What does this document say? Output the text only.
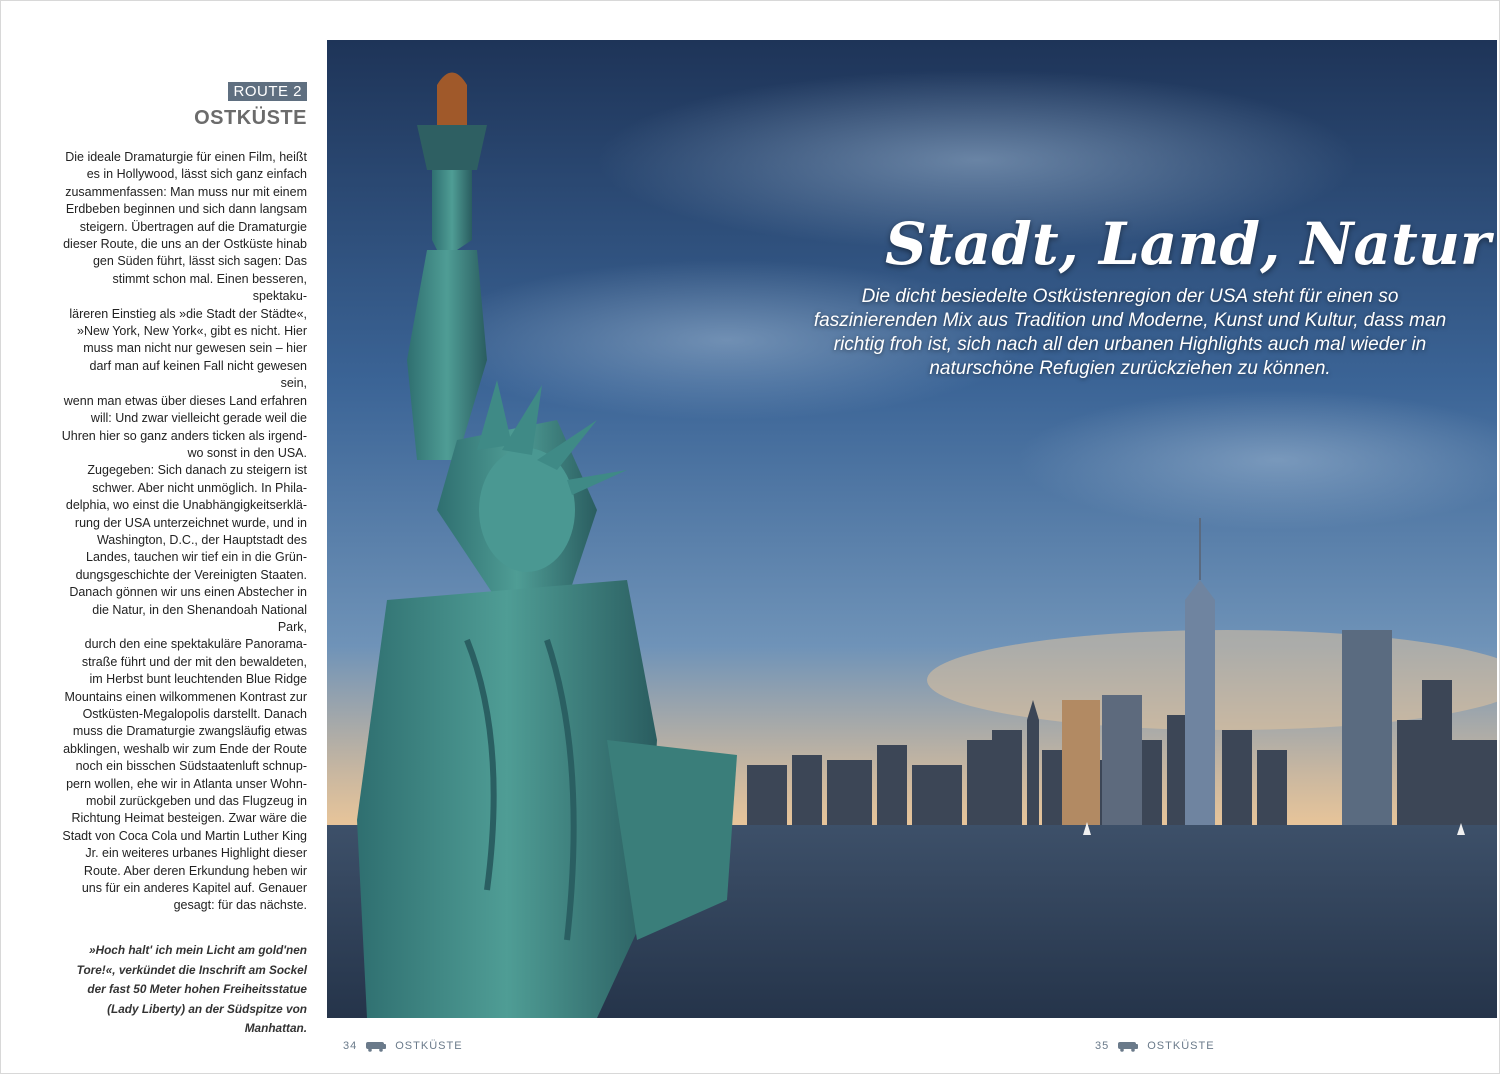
ROUTE 2
OSTKÜSTE

Die ideale Dramaturgie für einen Film, heißt

es in Hollywood, lässt sich ganz einfach

zusammenfassen: Man muss nur mit einem

Erdbeben beginnen und sich dann langsam

steigern. Übertragen auf die Dramaturgie

dieser Route, die uns an der Ostküste hinab

gen Süden führt, lässt sich sagen: Das

stimmt schon mal. Einen besseren, spektaku-

läreren Einstieg als »die Stadt der Städte«,

»New York, New York«, gibt es nicht. Hier

muss man nicht nur gewesen sein – hier

darf man auf keinen Fall nicht gewesen sein,

wenn man etwas über dieses Land erfahren

will: Und zwar vielleicht gerade weil die

Uhren hier so ganz anders ticken als irgend-

wo sonst in den USA.

Zugegeben: Sich danach zu steigern ist

schwer. Aber nicht unmöglich. In Phila-

delphia, wo einst die Unabhängigkeitserklä-

rung der USA unterzeichnet wurde, und in

Washington, D.C., der Hauptstadt des

Landes, tauchen wir tief ein in die Grün-

dungsgeschichte der Vereinigten Staaten.

Danach gönnen wir uns einen Abstecher in

die Natur, in den Shenandoah National Park,

durch den eine spektakuläre Panorama-

straße führt und der mit den bewaldeten,

im Herbst bunt leuchtenden Blue Ridge

Mountains einen wilkommenen Kontrast zur

Ostküsten-Megalopolis darstellt. Danach

muss die Dramaturgie zwangsläufig etwas

abklingen, weshalb wir zum Ende der Route

noch ein bisschen Südstaatenluft schnup-

pern wollen, ehe wir in Atlanta unser Wohn-

mobil zurückgeben und das Flugzeug in

Richtung Heimat besteigen. Zwar wäre die

Stadt von Coca Cola und Martin Luther King

Jr. ein weiteres urbanes Highlight dieser

Route. Aber deren Erkundung heben wir

uns für ein anderes Kapitel auf. Genauer

gesagt: für das nächste.

»Hoch halt' ich mein Licht am gold'nen Tore!«, verkündet die Inschrift am Sockel der fast 50 Meter hohen Freiheitsstatue (Lady Liberty) an der Südspitze von Manhattan.

Stadt, Land, Natur

Die dicht besiedelte Ostküstenregion der USA steht für einen so faszinierenden Mix aus Tradition und Moderne, Kunst und Kultur, dass man richtig froh ist, sich nach all den urbanen Highlights auch mal wieder in naturschöne Refugien zurückziehen zu können.

34	OSTKÜSTE	35	OSTKÜSTE
